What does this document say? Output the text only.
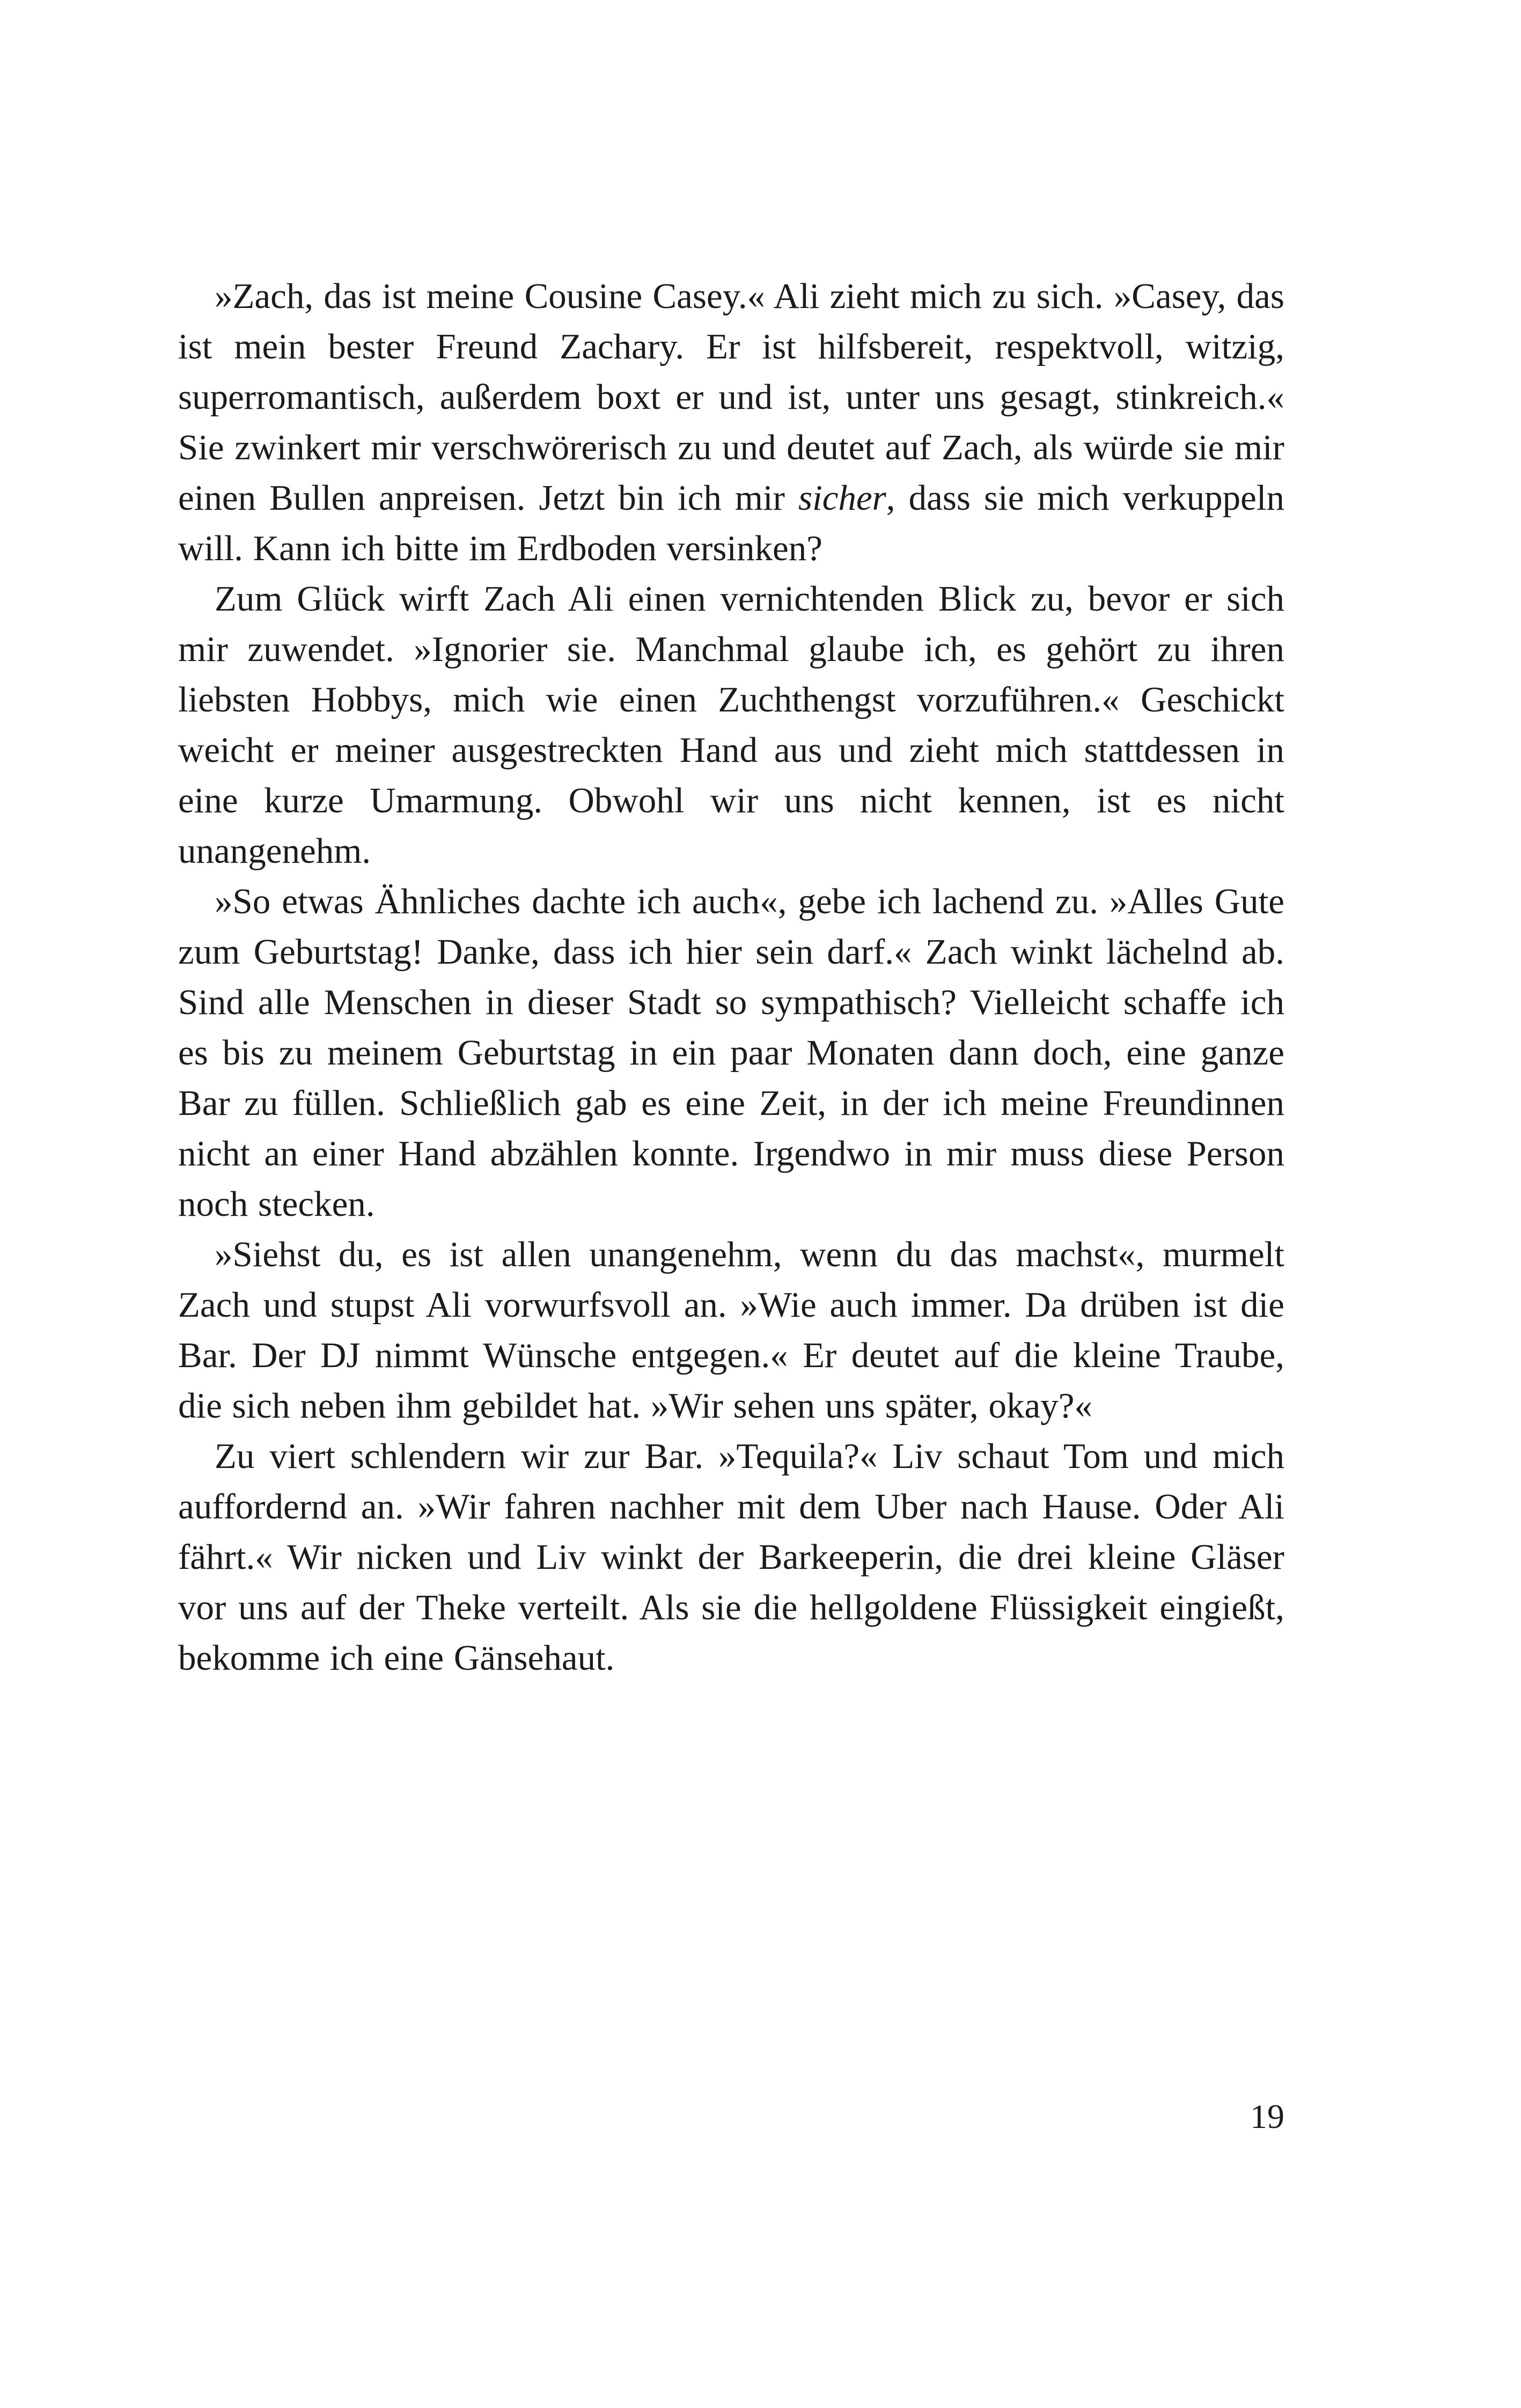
»Zach, das ist meine Cousine Casey.« Ali zieht mich zu sich. »Casey, das ist mein bester Freund Zachary. Er ist hilfsbereit, respektvoll, witzig, superromantisch, außerdem boxt er und ist, unter uns gesagt, stinkreich.« Sie zwinkert mir verschwörerisch zu und deutet auf Zach, als würde sie mir einen Bullen anpreisen. Jetzt bin ich mir sicher, dass sie mich verkuppeln will. Kann ich bitte im Erdboden versinken?

Zum Glück wirft Zach Ali einen vernichtenden Blick zu, bevor er sich mir zuwendet. »Ignorier sie. Manchmal glaube ich, es gehört zu ihren liebsten Hobbys, mich wie einen Zuchthengst vorzuführen.« Geschickt weicht er meiner ausgestreckten Hand aus und zieht mich stattdessen in eine kurze Umarmung. Obwohl wir uns nicht kennen, ist es nicht unangenehm.

»So etwas Ähnliches dachte ich auch«, gebe ich lachend zu. »Alles Gute zum Geburtstag! Danke, dass ich hier sein darf.« Zach winkt lächelnd ab. Sind alle Menschen in dieser Stadt so sympathisch? Vielleicht schaffe ich es bis zu meinem Geburtstag in ein paar Monaten dann doch, eine ganze Bar zu füllen. Schließlich gab es eine Zeit, in der ich meine Freundinnen nicht an einer Hand abzählen konnte. Irgendwo in mir muss diese Person noch stecken.

»Siehst du, es ist allen unangenehm, wenn du das machst«, murmelt Zach und stupst Ali vorwurfsvoll an. »Wie auch immer. Da drüben ist die Bar. Der DJ nimmt Wünsche entgegen.« Er deutet auf die kleine Traube, die sich neben ihm gebildet hat. »Wir sehen uns später, okay?«

Zu viert schlendern wir zur Bar. »Tequila?« Liv schaut Tom und mich auffordernd an. »Wir fahren nachher mit dem Uber nach Hause. Oder Ali fährt.« Wir nicken und Liv winkt der Barkeeperin, die drei kleine Gläser vor uns auf der Theke verteilt. Als sie die hellgoldene Flüssigkeit eingießt, bekomme ich eine Gänsehaut.

19
